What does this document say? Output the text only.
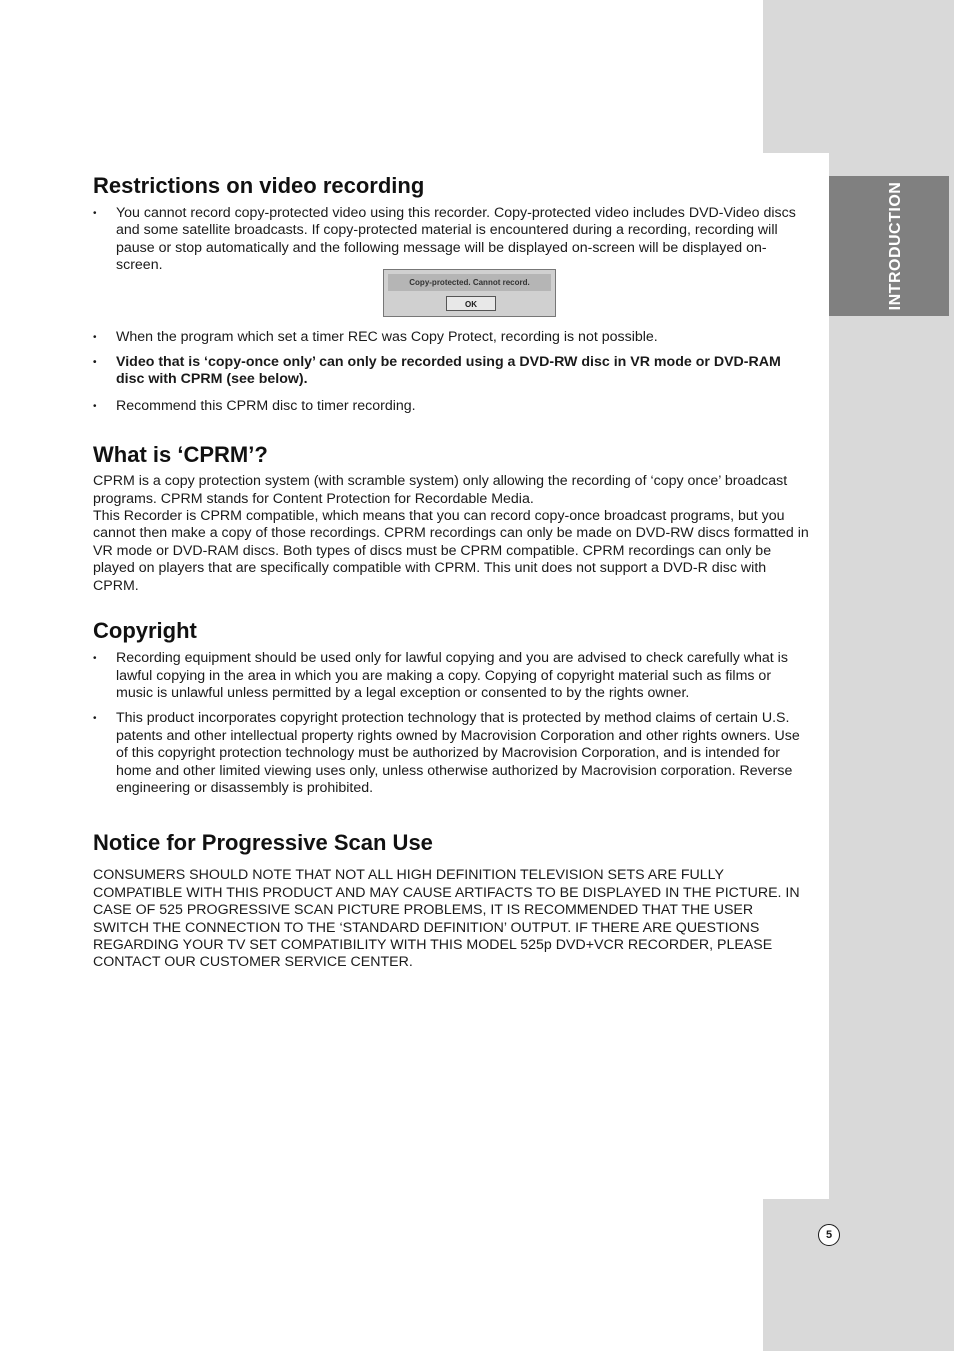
INTRODUCTION
5
Restrictions on video recording
• You cannot record copy-protected video using this recorder. Copy-protected video includes DVD-Video discs and some satellite broadcasts. If copy-protected material is encountered during a recording, recording will pause or stop automatically and the following message will be displayed on-screen will be displayed on-screen.
Copy-protected. Cannot record.
OK
• When the program which set a timer REC was Copy Protect, recording is not possible.
• Video that is ‘copy-once only’ can only be recorded using a DVD-RW disc in VR mode or DVD-RAM disc with CPRM (see below).
• Recommend this CPRM disc to timer recording.
What is ‘CPRM’?

CPRM is a copy protection system (with scramble system) only allowing the recording of ‘copy once’ broadcast programs. CPRM stands for Content Protection for Recordable Media.

This Recorder is CPRM compatible, which means that you can record copy-once broadcast programs, but you cannot then make a copy of those recordings. CPRM recordings can only be made on DVD-RW discs formatted in VR mode or DVD-RAM discs. Both types of discs must be CPRM compatible. CPRM recordings can only be played on players that are specifically compatible with CPRM. This unit does not support a DVD-R disc with CPRM.

Copyright
• Recording equipment should be used only for lawful copying and you are advised to check carefully what is lawful copying in the area in which you are making a copy. Copying of copyright material such as films or music is unlawful unless permitted by a legal exception or consented to by the rights owner.
• This product incorporates copyright protection technology that is protected by method claims of certain U.S. patents and other intellectual property rights owned by Macrovision Corporation and other rights owners. Use of this copyright protection technology must be authorized by Macrovision Corporation, and is intended for home and other limited viewing uses only, unless otherwise authorized by Macrovision corporation. Reverse engineering or disassembly is prohibited.
Notice for Progressive Scan Use

CONSUMERS SHOULD NOTE THAT NOT ALL HIGH DEFINITION TELEVISION SETS ARE FULLY COMPATIBLE WITH THIS PRODUCT AND MAY CAUSE ARTIFACTS TO BE DISPLAYED IN THE PICTURE. IN CASE OF 525 PROGRESSIVE SCAN PICTURE PROBLEMS, IT IS RECOMMENDED THAT THE USER SWITCH THE CONNECTION TO THE ‘STANDARD DEFINITION’ OUTPUT. IF THERE ARE QUESTIONS REGARDING YOUR TV SET COMPATIBILITY WITH THIS MODEL 525p DVD+VCR RECORDER, PLEASE CONTACT OUR CUSTOMER SERVICE CENTER.
